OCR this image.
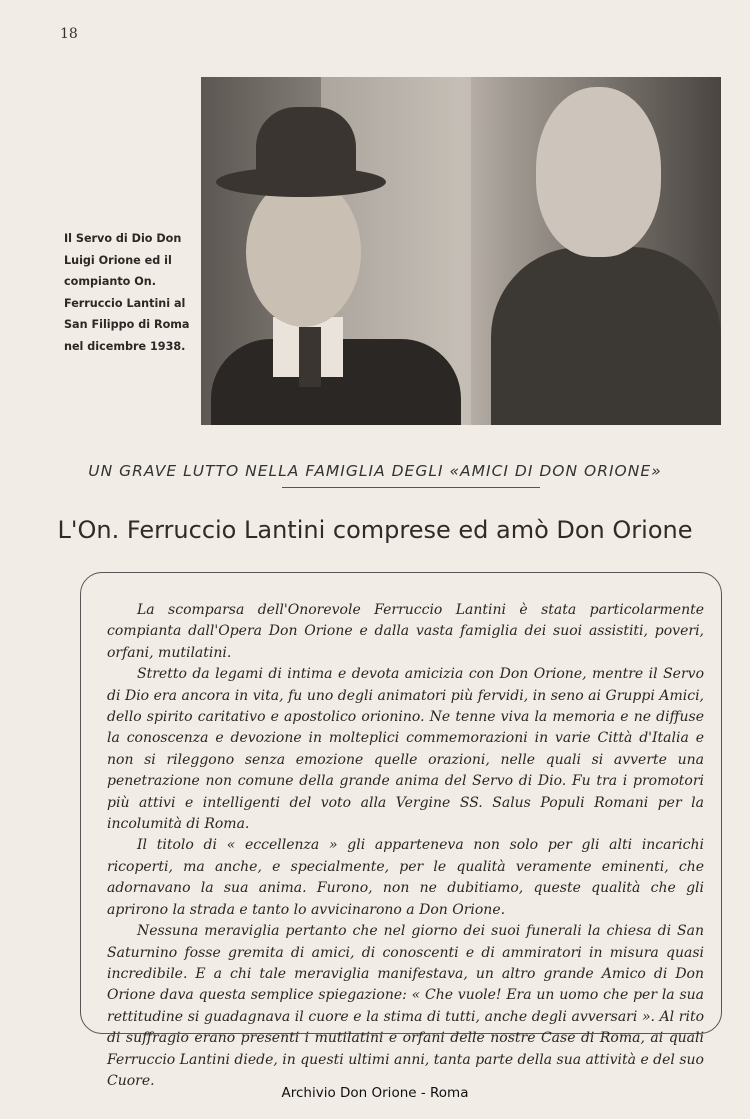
18
Il Servo di Dio Don Luigi Orione ed il compianto On. Ferruccio Lantini al San Filippo di Roma nel dicembre 1938.
UN GRAVE LUTTO NELLA FAMIGLIA DEGLI «AMICI DI DON ORIONE»
L'On. Ferruccio Lantini comprese ed amò Don Orione

La scomparsa dell'Onorevole Ferruccio Lantini è stata particolarmente compianta dall'Opera Don Orione e dalla vasta famiglia dei suoi assistiti, poveri, orfani, mutilatini.

Stretto da legami di intima e devota amicizia con Don Orione, mentre il Servo di Dio era ancora in vita, fu uno degli animatori più fervidi, in seno ai Gruppi Amici, dello spirito caritativo e apostolico orionino. Ne tenne viva la memoria e ne diffuse la conoscenza e devozione in molteplici commemorazioni in varie Città d'Italia e non si rileggono senza emozione quelle orazioni, nelle quali si avverte una penetrazione non comune della grande anima del Servo di Dio. Fu tra i promotori più attivi e intelligenti del voto alla Vergine SS. Salus Populi Romani per la incolumità di Roma.

Il titolo di « eccellenza » gli apparteneva non solo per gli alti incarichi ricoperti, ma anche, e specialmente, per le qualità veramente eminenti, che adornavano la sua anima. Furono, non ne dubitiamo, queste qualità che gli aprirono la strada e tanto lo avvicinarono a Don Orione.

Nessuna meraviglia pertanto che nel giorno dei suoi funerali la chiesa di San Saturnino fosse gremita di amici, di conoscenti e di ammiratori in misura quasi incredibile. E a chi tale meraviglia manifestava, un altro grande Amico di Don Orione dava questa semplice spiegazione: « Che vuole! Era un uomo che per la sua rettitudine si guadagnava il cuore e la stima di tutti, anche degli avversari ». Al rito di suffragio erano presenti i mutilatini e orfani delle nostre Case di Roma, ai quali Ferruccio Lantini diede, in questi ultimi anni, tanta parte della sua attività e del suo Cuore.

Archivio Don Orione - Roma
